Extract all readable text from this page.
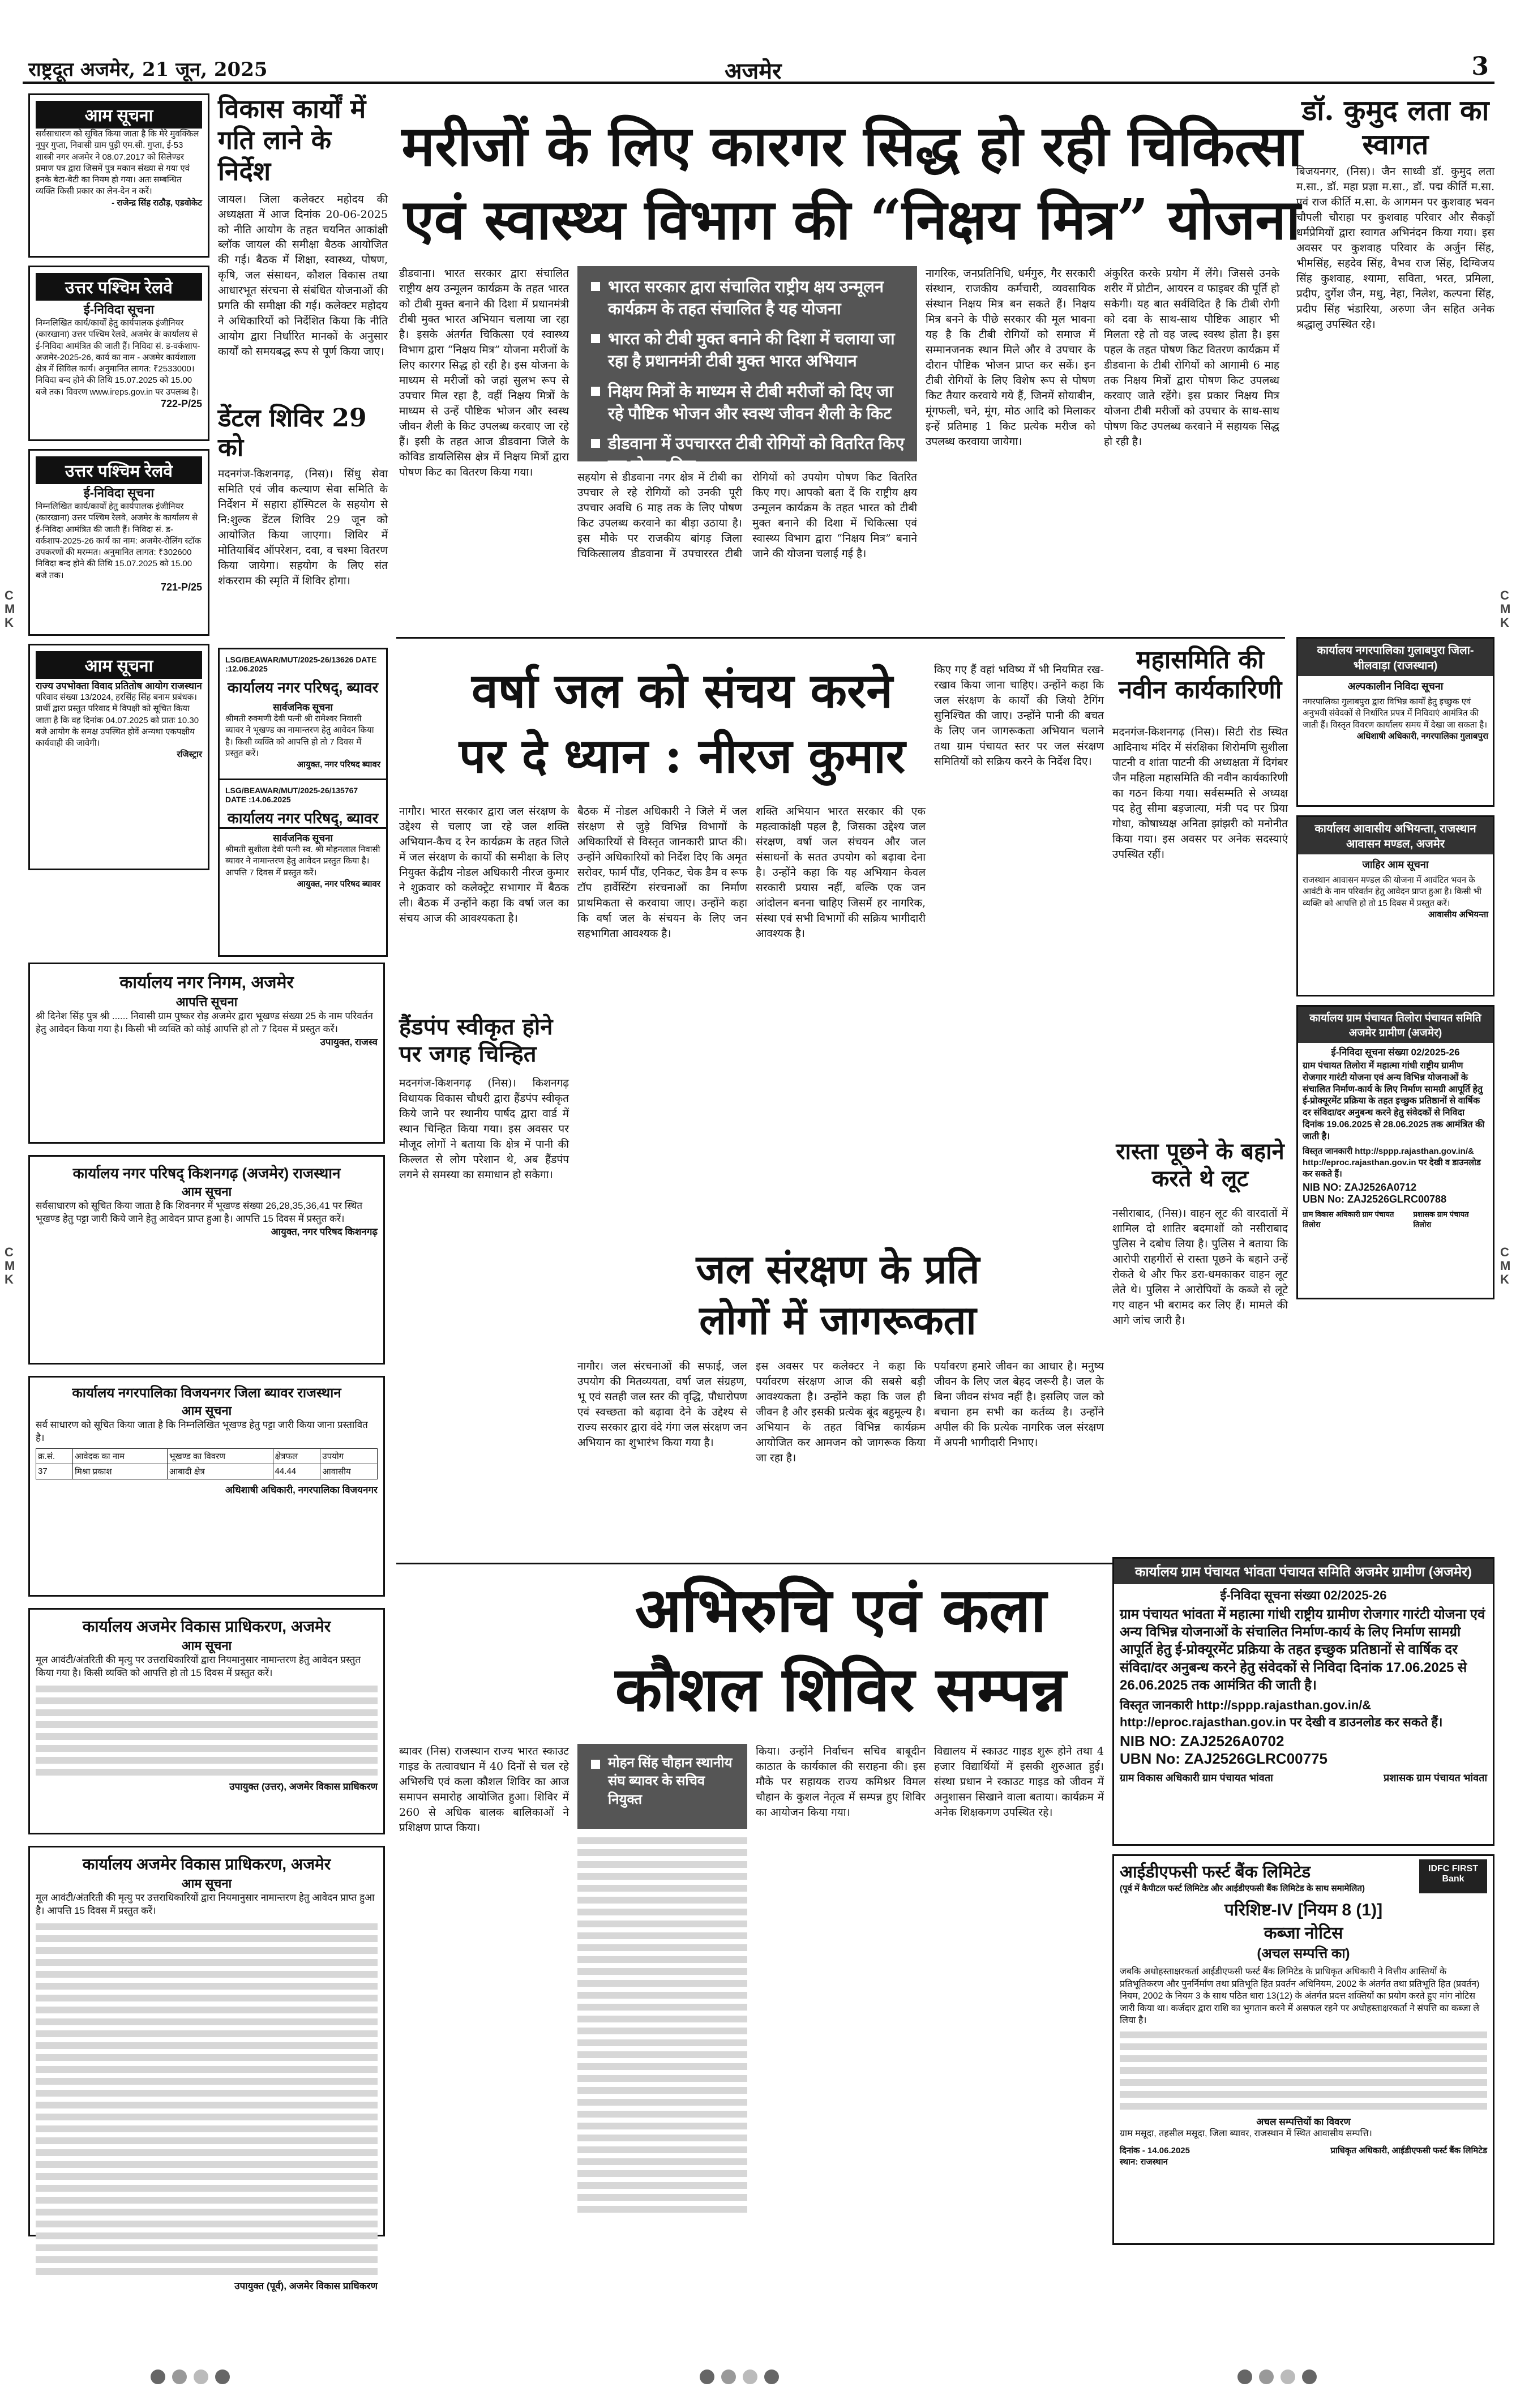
राष्ट्रदूत अजमेर, 21 जून, 2025	अजमेर	3
C M K
C M K
C M K
C M K
आम सूचना
सर्वसाधारण को सूचित किया जाता है कि मेरे मुवक्किल नूपुर गुप्ता, निवासी ग्राम पुड़ी एम.सी. गुप्ता, ई-53 शास्त्री नगर अजमेर ने 08.07.2017 को सिलेण्डर प्रमाण पत्र द्वारा जिसमें पुत्र मकान संख्या से गया एवं इनके बेटा-बेटी का नियम हो गया। अतः सम्बन्धित व्यक्ति किसी प्रकार का लेन-देन न करें।
- राजेन्द्र सिंह राठौड़, एडवोकेट
उत्तर पश्चिम रेलवे
ई-निविदा सूचना
निम्नलिखित कार्य/कार्यों हेतु कार्यपालक इंजीनियर (कारखाना) उत्तर पश्चिम रेलवे, अजमेर के कार्यालय से ई-निविदा आमंत्रित की जाती हैं। निविदा सं. ड-वर्कशाप-अजमेर-2025-26, कार्य का नाम - अजमेर कार्यशाला क्षेत्र में सिविल कार्य। अनुमानित लागत: ₹2533000। निविदा बन्द होने की तिथि 15.07.2025 को 15.00 बजे तक। विवरण www.ireps.gov.in पर उपलब्ध है।
722-P/25
उत्तर पश्चिम रेलवे
ई-निविदा सूचना
निम्नलिखित कार्य/कार्यों हेतु कार्यपालक इंजीनियर (कारखाना) उत्तर पश्चिम रेलवे, अजमेर के कार्यालय से ई-निविदा आमंत्रित की जाती हैं। निविदा सं. ड-वर्कशाप-2025-26 कार्य का नाम: अजमेर-रोलिंग स्टॉक उपकरणों की मरम्मत। अनुमानित लागत: ₹302600 निविदा बन्द होने की तिथि 15.07.2025 को 15.00 बजे तक।
721-P/25
आम सूचना
राज्य उपभोक्ता विवाद प्रतितोष आयोग राजस्थान
परिवाद संख्या 13/2024, हरसिंह सिंह बनाम प्रबंधक। प्रार्थी द्वारा प्रस्तुत परिवाद में विपक्षी को सूचित किया जाता है कि वह दिनांक 04.07.2025 को प्रातः 10.30 बजे आयोग के समक्ष उपस्थित होवें अन्यथा एकपक्षीय कार्यवाही की जावेगी।
रजिस्ट्रार
कार्यालय नगर निगम, अजमेर
आपत्ति सूचना
श्री दिनेश सिंह पुत्र श्री ...... निवासी ग्राम पुष्कर रोड़ अजमेर द्वारा भूखण्ड संख्या 25 के नाम परिवर्तन हेतु आवेदन किया गया है। किसी भी व्यक्ति को कोई आपत्ति हो तो 7 दिवस में प्रस्तुत करें।
उपायुक्त, राजस्व
कार्यालय नगर परिषद् किशनगढ़ (अजमेर) राजस्थान
आम सूचना
सर्वसाधारण को सूचित किया जाता है कि शिवनगर में भूखण्ड संख्या 26,28,35,36,41 पर स्थित भूखण्ड हेतु पट्टा जारी किये जाने हेतु आवेदन प्राप्त हुआ है। आपत्ति 15 दिवस में प्रस्तुत करें।
आयुक्त, नगर परिषद किशनगढ़
कार्यालय नगरपालिका विजयनगर जिला ब्यावर राजस्थान
आम सूचना
सर्व साधारण को सूचित किया जाता है कि निम्नलिखित भूखण्ड हेतु पट्टा जारी किया जाना प्रस्तावित है।
क्र.सं.	आवेदक का नाम	भूखण्ड का विवरण	क्षेत्रफल	उपयोग
37	मिश्रा प्रकाश	आबादी क्षेत्र	44.44	आवासीय
अधिशाषी अधिकारी, नगरपालिका विजयनगर
कार्यालय अजमेर विकास प्राधिकरण, अजमेर
आम सूचना
मूल आवंटी/अंतरिती की मृत्यु पर उत्तराधिकारियों द्वारा नियमानुसार नामान्तरण हेतु आवेदन प्रस्तुत किया गया है। किसी व्यक्ति को आपत्ति हो तो 15 दिवस में प्रस्तुत करें।
उपायुक्त (उत्तर), अजमेर विकास प्राधिकरण
कार्यालय अजमेर विकास प्राधिकरण, अजमेर
आम सूचना
मूल आवंटी/अंतरिती की मृत्यु पर उत्तराधिकारियों द्वारा नियमानुसार नामान्तरण हेतु आवेदन प्राप्त हुआ है। आपत्ति 15 दिवस में प्रस्तुत करें।
उपायुक्त (पूर्व), अजमेर विकास प्राधिकरण
विकास कार्यों में गति लाने के निर्देश
जायल। जिला कलेक्टर महोदय की अध्यक्षता में आज दिनांक 20-06-2025 को नीति आयोग के तहत चयनित आकांक्षी ब्लॉक जायल की समीक्षा बैठक आयोजित की गई। बैठक में शिक्षा, स्वास्थ्य, पोषण, कृषि, जल संसाधन, कौशल विकास तथा आधारभूत संरचना से संबंधित योजनाओं की प्रगति की समीक्षा की गई। कलेक्टर महोदय ने अधिकारियों को निर्देशित किया कि नीति आयोग द्वारा निर्धारित मानकों के अनुसार कार्यों को समयबद्ध रूप से पूर्ण किया जाए।
डेंटल शिविर 29 को
मदनगंज-किशनगढ़, (निस)। सिंधु सेवा समिति एवं जीव कल्याण सेवा समिति के निर्देशन में सहारा हॉस्पिटल के सहयोग से नि:शुल्क डेंटल शिविर 29 जून को आयोजित किया जाएगा। शिविर में मोतियाबिंद ऑपरेशन, दवा, व चश्मा वितरण किया जायेगा। सहयोग के लिए संत शंकरराम की स्मृति में शिविर होगा।
LSG/BEAWAR/MUT/2025-26/13626 DATE :12.06.2025
कार्यालय नगर परिषद्, ब्यावर
सार्वजनिक सूचना
श्रीमती रुक्मणी देवी पत्नी श्री रामेश्वर निवासी ब्यावर ने भूखण्ड का नामान्तरण हेतु आवेदन किया है। किसी व्यक्ति को आपत्ति हो तो 7 दिवस में प्रस्तुत करें।
आयुक्त, नगर परिषद ब्यावर
LSG/BEAWAR/MUT/2025-26/135767 DATE :14.06.2025
कार्यालय नगर परिषद्, ब्यावर
सार्वजनिक सूचना
श्रीमती सुशीला देवी पत्नी स्व. श्री मोहनलाल निवासी ब्यावर ने नामान्तरण हेतु आवेदन प्रस्तुत किया है। आपत्ति 7 दिवस में प्रस्तुत करें।
आयुक्त, नगर परिषद ब्यावर
मरीजों के लिए कारगर सिद्ध हो रही चिकित्सा
एवं स्वास्थ्य विभाग की “निक्षय मित्र” योजना
डीडवाना। भारत सरकार द्वारा संचालित राष्ट्रीय क्षय उन्मूलन कार्यक्रम के तहत भारत को टीबी मुक्त बनाने की दिशा में प्रधानमंत्री टीबी मुक्त भारत अभियान चलाया जा रहा है। इसके अंतर्गत चिकित्सा एवं स्वास्थ्य विभाग द्वारा “निक्षय मित्र” योजना मरीजों के लिए कारगर सिद्ध हो रही है। इस योजना के माध्यम से मरीजों को जहां सुलभ रूप से उपचार मिल रहा है, वहीं निक्षय मित्रों के माध्यम से उन्हें पौष्टिक भोजन और स्वस्थ जीवन शैली के किट उपलब्ध करवाए जा रहे हैं। इसी के तहत आज डीडवाना जिले के कोविड डायलिसिस क्षेत्र में निक्षय मित्रों द्वारा पोषण किट का वितरण किया गया।
भारत सरकार द्वारा संचालित राष्ट्रीय क्षय उन्मूलन कार्यक्रम के तहत संचालित है यह योजना
भारत को टीबी मुक्त बनाने की दिशा में चलाया जा रहा है प्रधानमंत्री टीबी मुक्त भारत अभियान
निक्षय मित्रों के माध्यम से टीबी मरीजों को दिए जा रहे पौष्टिक भोजन और स्वस्थ जीवन शैली के किट
डीडवाना में उपचाररत टीबी रोगियों को वितरित किए गए पोषण किट
सहयोग से डीडवाना नगर क्षेत्र में टीबी का उपचार ले रहे रोगियों को उनकी पूरी उपचार अवधि 6 माह तक के लिए पोषण किट उपलब्ध करवाने का बीड़ा उठाया है। इस मौके पर राजकीय बांगड़ जिला चिकित्सालय डीडवाना में उपचाररत टीबी रोगियों को उपयोग पोषण किट वितरित किए गए। आपको बता दें कि राष्ट्रीय क्षय उन्मूलन कार्यक्रम के तहत भारत को टीबी मुक्त बनाने की दिशा में चिकित्सा एवं स्वास्थ्य विभाग द्वारा “निक्षय मित्र” बनाने जाने की योजना चलाई गई है।
नागरिक, जनप्रतिनिधि, धर्मगुरु, गैर सरकारी संस्थान, राजकीय कर्मचारी, व्यवसायिक संस्थान निक्षय मित्र बन सकते हैं। निक्षय मित्र बनने के पीछे सरकार की मूल भावना यह है कि टीबी रोगियों को समाज में सम्मानजनक स्थान मिले और वे उपचार के दौरान पौष्टिक भोजन प्राप्त कर सकें। इन टीबी रोगियों के लिए विशेष रूप से पोषण किट तैयार करवाये गये हैं, जिनमें सोयाबीन, मूंगफली, चने, मूंग, मोठ आदि को मिलाकर इन्हें प्रतिमाह 1 किट प्रत्येक मरीज को उपलब्ध करवाया जायेगा।
अंकुरित करके प्रयोग में लेंगे। जिससे उनके शरीर में प्रोटीन, आयरन व फाइबर की पूर्ति हो सकेगी। यह बात सर्वविदित है कि टीबी रोगी को दवा के साथ-साथ पौष्टिक आहार भी मिलता रहे तो वह जल्द स्वस्थ होता है। इस पहल के तहत पोषण किट वितरण कार्यक्रम में डीडवाना के टीबी रोगियों को आगामी 6 माह तक निक्षय मित्रों द्वारा पोषण किट उपलब्ध करवाए जाते रहेंगे। इस प्रकार निक्षय मित्र योजना टीबी मरीजों को उपचार के साथ-साथ पोषण किट उपलब्ध करवाने में सहायक सिद्ध हो रही है।
डॉ. कुमुद लता का स्वागत
बिजयनगर, (निस)। जैन साध्वी डॉ. कुमुद लता म.सा., डॉ. महा प्रज्ञा म.सा., डॉ. पद्म कीर्ति म.सा. एवं राज कीर्ति म.सा. के आगमन पर कुशवाह भवन चौपली चौराहा पर कुशवाह परिवार और सैकड़ों धर्मप्रेमियों द्वारा स्वागत अभिनंदन किया गया। इस अवसर पर कुशवाह परिवार के अर्जुन सिंह, भीमसिंह, सहदेव सिंह, वैभव राज सिंह, दिग्विजय सिंह कुशवाह, श्यामा, सविता, भरत, प्रमिला, प्रदीप, दुर्गेश जैन, मधु, नेहा, निलेश, कल्पना सिंह, प्रदीप सिंह भंडारिया, अरुणा जैन सहित अनेक श्रद्धालु उपस्थित रहे।
वर्षा जल को संचय करने
पर दे ध्यान : नीरज कुमार
नागौर। भारत सरकार द्वारा जल संरक्षण के उद्देश्य से चलाए जा रहे जल शक्ति अभियान-कैच द रेन कार्यक्रम के तहत जिले में जल संरक्षण के कार्यों की समीक्षा के लिए नियुक्त केंद्रीय नोडल अधिकारी नीरज कुमार ने शुक्रवार को कलेक्ट्रेट सभागार में बैठक ली। बैठक में उन्होंने कहा कि वर्षा जल का संचय आज की आवश्यकता है।
बैठक में नोडल अधिकारी ने जिले में जल संरक्षण से जुड़े विभिन्न विभागों के अधिकारियों से विस्तृत जानकारी प्राप्त की। उन्होंने अधिकारियों को निर्देश दिए कि अमृत सरोवर, फार्म पौंड, एनिकट, चेक डैम व रूफ टॉप हार्वेस्टिंग संरचनाओं का निर्माण प्राथमिकता से करवाया जाए। उन्होंने कहा कि वर्षा जल के संचयन के लिए जन सहभागिता आवश्यक है।
शक्ति अभियान भारत सरकार की एक महत्वाकांक्षी पहल है, जिसका उद्देश्य जल संरक्षण, वर्षा जल संचयन और जल संसाधनों के सतत उपयोग को बढ़ावा देना है। उन्होंने कहा कि यह अभियान केवल सरकारी प्रयास नहीं, बल्कि एक जन आंदोलन बनना चाहिए जिसमें हर नागरिक, संस्था एवं सभी विभागों की सक्रिय भागीदारी आवश्यक है।
किए गए हैं वहां भविष्य में भी नियमित रख-रखाव किया जाना चाहिए। उन्होंने कहा कि जल संरक्षण के कार्यों की जियो टैगिंग सुनिश्चित की जाए। उन्होंने पानी की बचत के लिए जन जागरूकता अभियान चलाने तथा ग्राम पंचायत स्तर पर जल संरक्षण समितियों को सक्रिय करने के निर्देश दिए।
महासमिति की नवीन कार्यकारिणी
मदनगंज-किशनगढ़ (निस)। सिटी रोड स्थित आदिनाथ मंदिर में संरक्षिका शिरोमणि सुशीला पाटनी व शांता पाटनी की अध्यक्षता में दिगंबर जैन महिला महासमिति की नवीन कार्यकारिणी का गठन किया गया। सर्वसम्मति से अध्यक्ष पद हेतु सीमा बड़जात्या, मंत्री पद पर प्रिया गोधा, कोषाध्यक्ष अनिता झांझरी को मनोनीत किया गया। इस अवसर पर अनेक सदस्याएं उपस्थित रहीं।
रास्ता पूछने के बहाने करते थे लूट
नसीराबाद, (निस)। वाहन लूट की वारदातों में शामिल दो शातिर बदमाशों को नसीराबाद पुलिस ने दबोच लिया है। पुलिस ने बताया कि आरोपी राहगीरों से रास्ता पूछने के बहाने उन्हें रोकते थे और फिर डरा-धमकाकर वाहन लूट लेते थे। पुलिस ने आरोपियों के कब्जे से लूटे गए वाहन भी बरामद कर लिए हैं। मामले की आगे जांच जारी है।
हैंडपंप स्वीकृत होने पर जगह चिन्हित
मदनगंज-किशनगढ़ (निस)। किशनगढ़ विधायक विकास चौधरी द्वारा हैंडपंप स्वीकृत किये जाने पर स्थानीय पार्षद द्वारा वार्ड में स्थान चिन्हित किया गया। इस अवसर पर मौजूद लोगों ने बताया कि क्षेत्र में पानी की किल्लत से लोग परेशान थे, अब हैंडपंप लगने से समस्या का समाधान हो सकेगा।
जल संरक्षण के प्रति
लोगों में जागरूकता
नागौर। जल संरचनाओं की सफाई, जल उपयोग की मितव्ययता, वर्षा जल संग्रहण, भू एवं सतही जल स्तर की वृद्धि, पौधारोपण एवं स्वच्छता को बढ़ावा देने के उद्देश्य से राज्य सरकार द्वारा वंदे गंगा जल संरक्षण जन अभियान का शुभारंभ किया गया है।
इस अवसर पर कलेक्टर ने कहा कि पर्यावरण संरक्षण आज की सबसे बड़ी आवश्यकता है। उन्होंने कहा कि जल ही जीवन है और इसकी प्रत्येक बूंद बहुमूल्य है। अभियान के तहत विभिन्न कार्यक्रम आयोजित कर आमजन को जागरूक किया जा रहा है।
पर्यावरण हमारे जीवन का आधार है। मनुष्य जीवन के लिए जल बेहद जरूरी है। जल के बिना जीवन संभव नहीं है। इसलिए जल को बचाना हम सभी का कर्तव्य है। उन्होंने अपील की कि प्रत्येक नागरिक जल संरक्षण में अपनी भागीदारी निभाए।
अभिरुचि एवं कला
कौशल शिविर सम्पन्न
ब्यावर (निस) राजस्थान राज्य भारत स्काउट गाइड के तत्वावधान में 40 दिनों से चल रहे अभिरुचि एवं कला कौशल शिविर का आज समापन समारोह आयोजित हुआ। शिविर में 260 से अधिक बालक बालिकाओं ने प्रशिक्षण प्राप्त किया।
मोहन सिंह चौहान स्थानीय संघ ब्यावर के सचिव नियुक्त
किया। उन्होंने निर्वाचन सचिव बाबूदीन काठात के कार्यकाल की सराहना की। इस मौके पर सहायक राज्य कमिश्नर विमल चौहान के कुशल नेतृत्व में सम्पन्न हुए शिविर का आयोजन किया गया।
विद्यालय में स्काउट गाइड शुरू होने तथा 4 हजार विद्यार्थियों में इसकी शुरुआत हुई। संस्था प्रधान ने स्काउट गाइड को जीवन में अनुशासन सिखाने वाला बताया। कार्यक्रम में अनेक शिक्षकगण उपस्थित रहे।
कार्यालय नगरपालिका गुलाबपुरा जिला-भीलवाड़ा (राजस्थान)
अल्पकालीन निविदा सूचना
नगरपालिका गुलाबपुरा द्वारा विभिन्न कार्यों हेतु इच्छुक एवं अनुभवी संवेदकों से निर्धारित प्रपत्र में निविदाएं आमंत्रित की जाती हैं। विस्तृत विवरण कार्यालय समय में देखा जा सकता है।
अधिशाषी अधिकारी, नगरपालिका गुलाबपुरा
कार्यालय आवासीय अभियन्ता, राजस्थान आवासन मण्डल, अजमेर
जाहिर आम सूचना
राजस्थान आवासन मण्डल की योजना में आवंटित भवन के आवंटी के नाम परिवर्तन हेतु आवेदन प्राप्त हुआ है। किसी भी व्यक्ति को आपत्ति हो तो 15 दिवस में प्रस्तुत करें।
आवासीय अभियन्ता
कार्यालय ग्राम पंचायत तिलोरा पंचायत समिति अजमेर ग्रामीण (अजमेर)
ई-निविदा सूचना संख्या 02/2025-26
ग्राम पंचायत तिलोरा में महात्मा गांधी राष्ट्रीय ग्रामीण रोजगार गारंटी योजना एवं अन्य विभिन्न योजनाओं के संचालित निर्माण-कार्य के लिए निर्माण सामग्री आपूर्ति हेतु ई-प्रोक्यूरमेंट प्रक्रिया के तहत इच्छुक प्रतिष्ठानों से वार्षिक दर संविदा/दर अनुबन्ध करने हेतु संवेदकों से निविदा दिनांक 19.06.2025 से 28.06.2025 तक आमंत्रित की जाती है।
विस्तृत जानकारी http://sppp.rajasthan.gov.in/& http://eproc.rajasthan.gov.in पर देखी व डाउनलोड कर सकते हैं।
NIB NO: ZAJ2526A0712
UBN No: ZAJ2526GLRC00788
ग्राम विकास अधिकारी ग्राम पंचायत तिलोरा
प्रशासक ग्राम पंचायत तिलोरा
कार्यालय ग्राम पंचायत भांवता पंचायत समिति अजमेर ग्रामीण (अजमेर)
ई-निविदा सूचना संख्या 02/2025-26
ग्राम पंचायत भांवता में महात्मा गांधी राष्ट्रीय ग्रामीण रोजगार गारंटी योजना एवं अन्य विभिन्न योजनाओं के संचालित निर्माण-कार्य के लिए निर्माण सामग्री आपूर्ति हेतु ई-प्रोक्यूरमेंट प्रक्रिया के तहत इच्छुक प्रतिष्ठानों से वार्षिक दर संविदा/दर अनुबन्ध करने हेतु संवेदकों से निविदा दिनांक 17.06.2025 से 26.06.2025 तक आमंत्रित की जाती है।
विस्तृत जानकारी http://sppp.rajasthan.gov.in/& http://eproc.rajasthan.gov.in पर देखी व डाउनलोड कर सकते हैं।
NIB NO: ZAJ2526A0702
UBN No: ZAJ2526GLRC00775
ग्राम विकास अधिकारी ग्राम पंचायत भांवता	प्रशासक ग्राम पंचायत भांवता
आईडीएफसी फर्स्ट बैंक लिमिटेड
(पूर्व में कैपीटल फर्स्ट लिमिटेड और आईडीएफसी बैंक लिमिटेड के साथ समामेलित)
IDFC FIRST Bank
परिशिष्ट-IV [नियम 8 (1)]
कब्जा नोटिस
(अचल सम्पत्ति का)
जबकि अधोहस्ताक्षरकर्ता आईडीएफसी फर्स्ट बैंक लिमिटेड के प्राधिकृत अधिकारी ने वित्तीय आस्तियों के प्रतिभूतिकरण और पुनर्निर्माण तथा प्रतिभूति हित प्रवर्तन अधिनियम, 2002 के अंतर्गत तथा प्रतिभूति हित (प्रवर्तन) नियम, 2002 के नियम 3 के साथ पठित धारा 13(12) के अंतर्गत प्रदत्त शक्तियों का प्रयोग करते हुए मांग नोटिस जारी किया था। कर्जदार द्वारा राशि का भुगतान करने में असफल रहने पर अधोहस्ताक्षरकर्ता ने संपत्ति का कब्जा ले लिया है।
अचल सम्पत्तियों का विवरण
ग्राम मसूदा, तहसील मसूदा, जिला ब्यावर, राजस्थान में स्थित आवासीय सम्पत्ति।
दिनांक - 14.06.2025
स्थान: राजस्थान
प्राधिकृत अधिकारी, आईडीएफसी फर्स्ट बैंक लिमिटेड
